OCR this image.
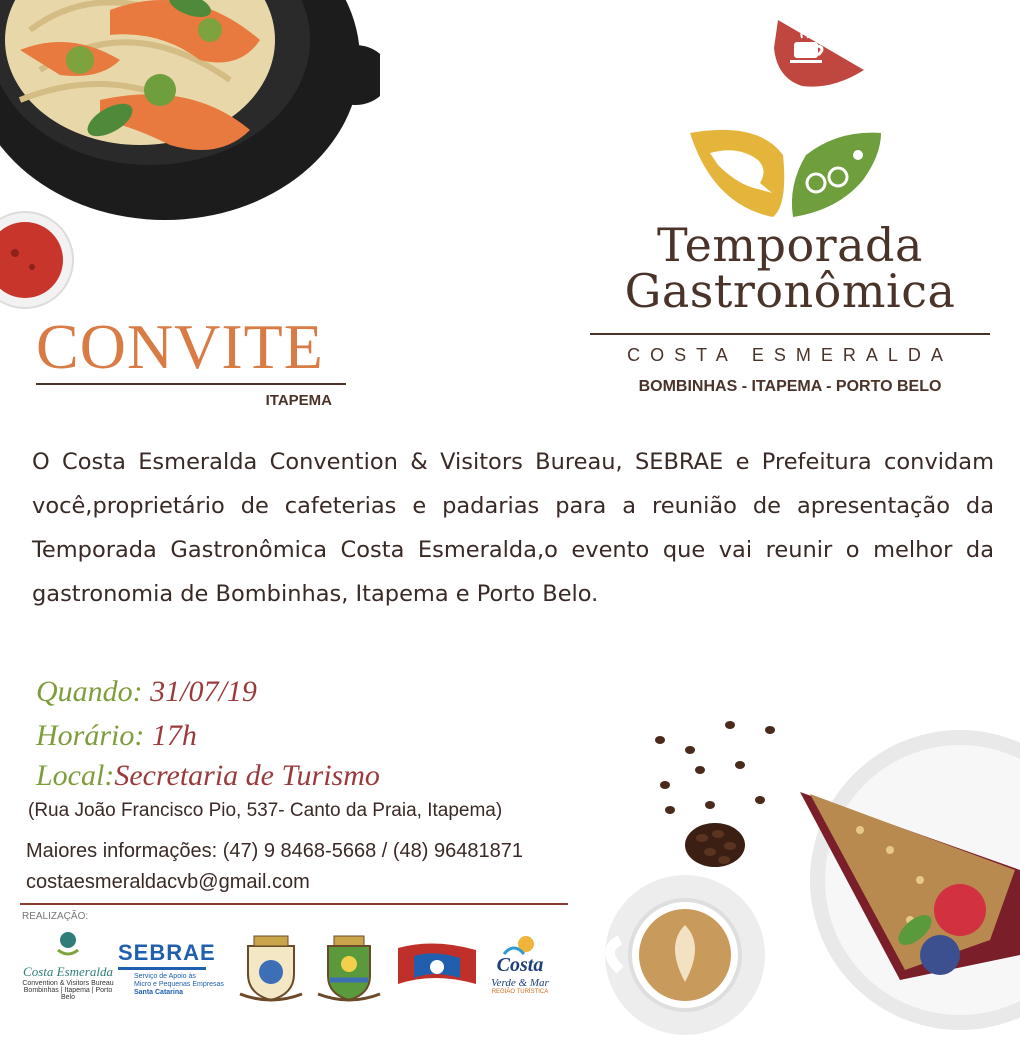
Temporada
Gastronômica
COSTA ESMERALDA
BOMBINHAS - ITAPEMA - PORTO BELO
CONVITE
ITAPEMA
O Costa Esmeralda Convention & Visitors Bureau, SEBRAE e Prefeitura convidam você,proprietário de cafeterias e padarias para a reunião de apresentação da Temporada Gastronômica Costa Esmeralda,o evento que vai reunir o melhor da gastronomia de Bombinhas, Itapema e Porto Belo.
Quando: 31/07/19
Horário: 17h
Local:Secretaria de Turismo
(Rua João Francisco Pio, 537- Canto da Praia, Itapema)
Maiores informações: (47) 9 8468-5668 / (48) 96481871
costaesmeraldacvb@gmail.com
REALIZAÇÃO:
Costa Esmeralda
Convention & Visitors Bureau
Bombinhas | Itapema | Porto Belo
SEBRAE
Serviço de Apoio às
Micro e Pequenas Empresas
Santa Catarina
Costa
Verde & Mar
REGIÃO TURÍSTICA
